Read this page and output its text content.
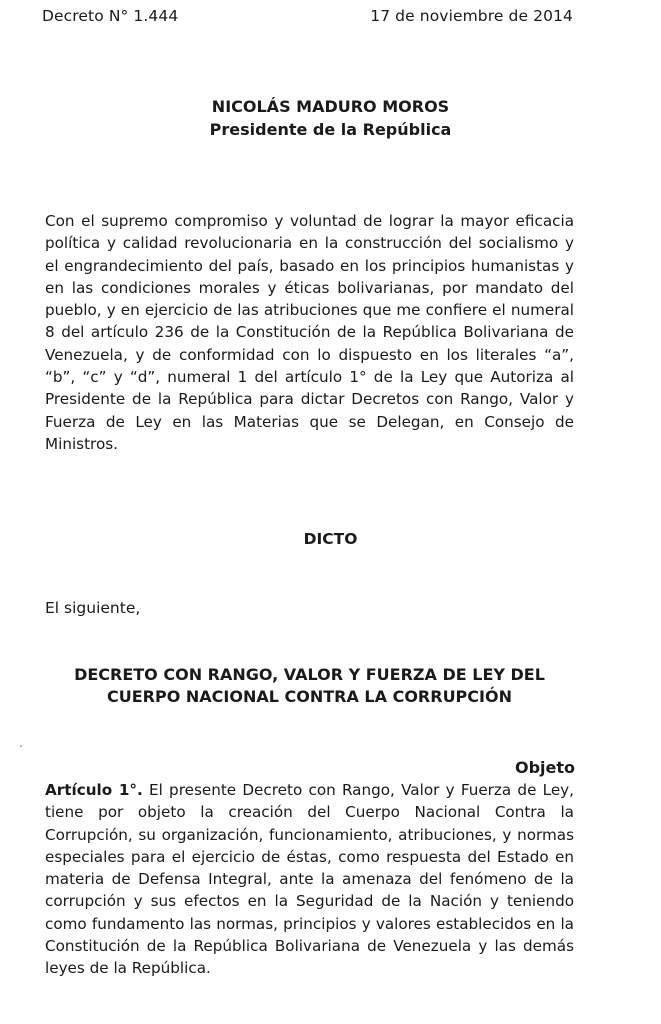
Decreto N° 1.444	17 de noviembre de 2014
NICOLÁS MADURO MOROS
Presidente de la República

Con el supremo compromiso y voluntad de lograr la mayor eficacia política y calidad revolucionaria en la construcción del socialismo y el engrandecimiento del país, basado en los principios humanistas y en las condiciones morales y éticas bolivarianas, por mandato del pueblo, y en ejercicio de las atribuciones que me confiere el numeral 8 del artículo 236 de la Constitución de la República Bolivariana de Venezuela, y de conformidad con lo dispuesto en los literales “a”, “b”, “c” y “d”, numeral 1 del artículo 1° de la Ley que Autoriza al Presidente de la República para dictar Decretos con Rango, Valor y Fuerza de Ley en las Materias que se Delegan, en Consejo de Ministros.

DICTO
El siguiente,
DECRETO CON RANGO, VALOR Y FUERZA DE LEY DEL
CUERPO NACIONAL CONTRA LA CORRUPCIÓN
Objeto

Artículo 1°. El presente Decreto con Rango, Valor y Fuerza de Ley, tiene por objeto la creación del Cuerpo Nacional Contra la Corrupción, su organización, funcionamiento, atribuciones, y normas especiales para el ejercicio de éstas, como respuesta del Estado en materia de Defensa Integral, ante la amenaza del fenómeno de la corrupción y sus efectos en la Seguridad de la Nación y teniendo como fundamento las normas, principios y valores establecidos en la Constitución de la República Bolivariana de Venezuela y las demás leyes de la República.
